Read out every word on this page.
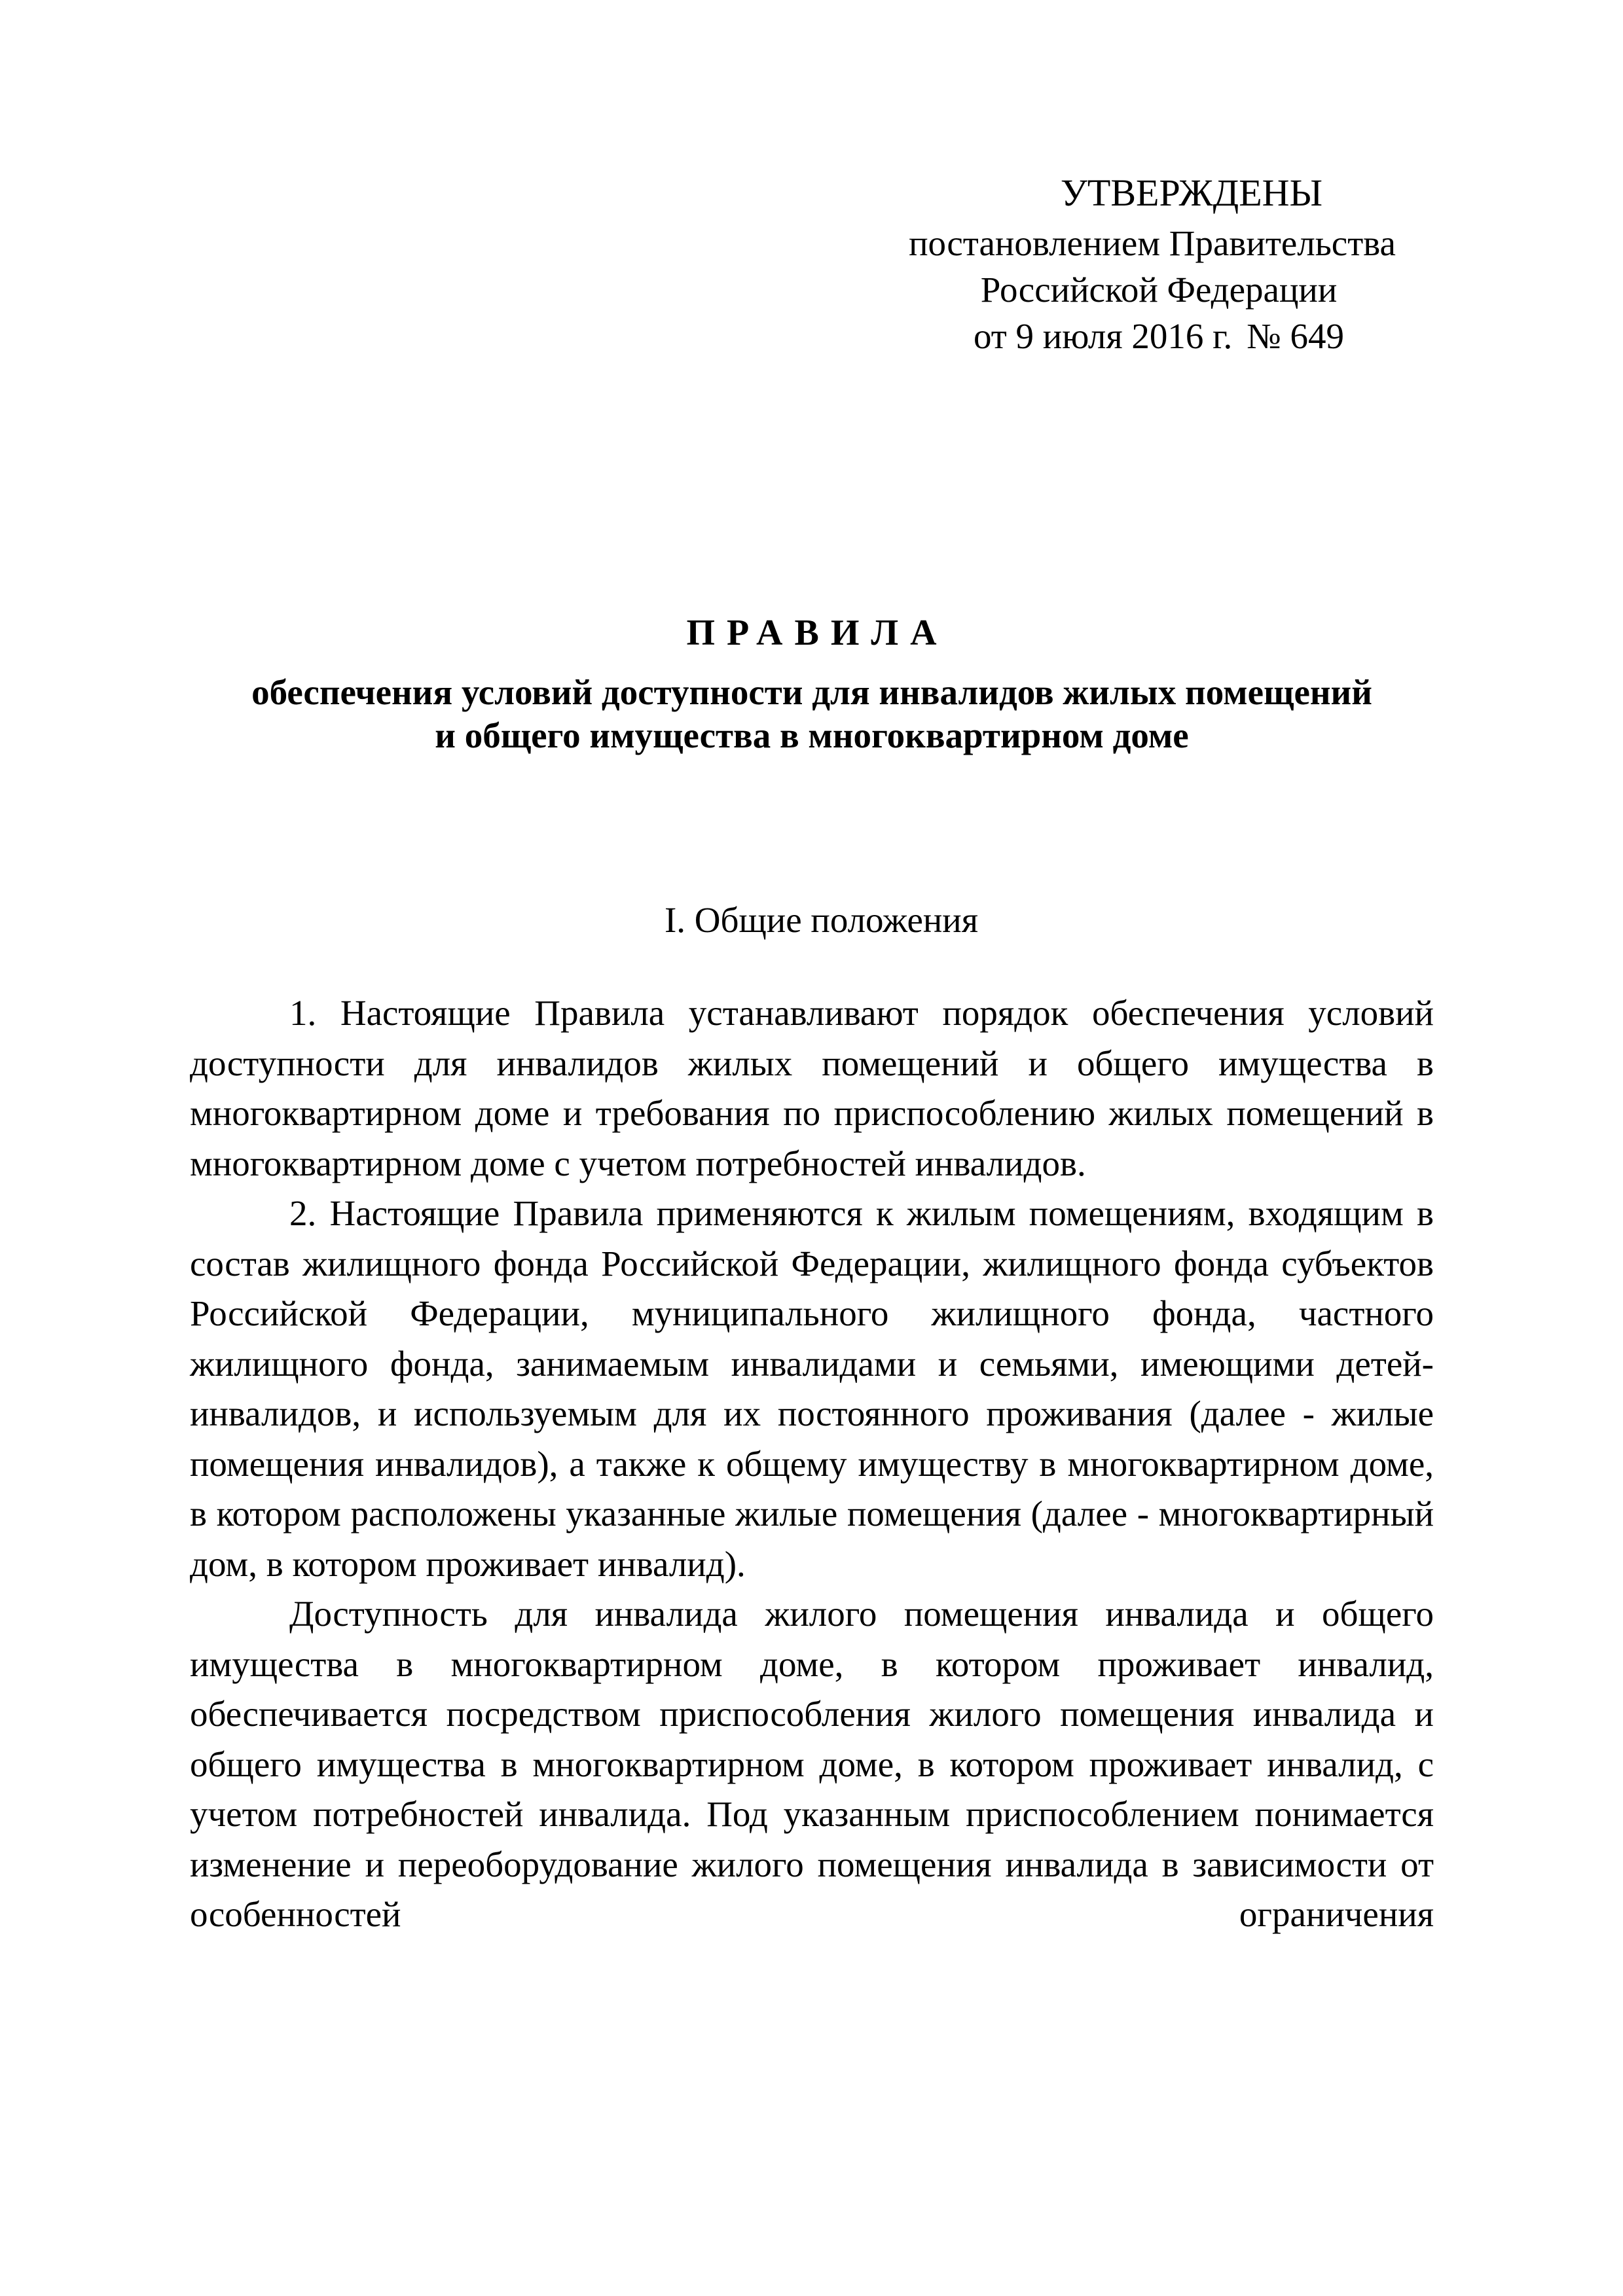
УТВЕРЖДЕНЫ
постановлением Правительства
Российской Федерации
от 9 июля 2016 г. № 649
ПРАВИЛА
обеспечения условий доступности для инвалидов жилых помещений
и общего имущества в многоквартирном доме
I. Общие положения

1. Настоящие Правила устанавливают порядок обеспечения условий доступности для инвалидов жилых помещений и общего имущества в многоквартирном доме и требования по приспособлению жилых помещений в многоквартирном доме с учетом потребностей инвалидов.

2. Настоящие Правила применяются к жилым помещениям, входящим в состав жилищного фонда Российской Федерации, жилищного фонда субъектов Российской Федерации, муниципального жилищного фонда, частного жилищного фонда, занимаемым инвалидами и семьями, имеющими детей-инвалидов, и используемым для их постоянного проживания (далее - жилые помещения инвалидов), а также к общему имуществу в многоквартирном доме, в котором расположены указанные жилые помещения (далее - многоквартирный дом, в котором проживает инвалид).

Доступность для инвалида жилого помещения инвалида и общего имущества в многоквартирном доме, в котором проживает инвалид, обеспечивается посредством приспособления жилого помещения инвалида и общего имущества в многоквартирном доме, в котором проживает инвалид, с учетом потребностей инвалида. Под указанным приспособлением понимается изменение и переоборудование жилого помещения инвалида в зависимости от особенностей ограничения
